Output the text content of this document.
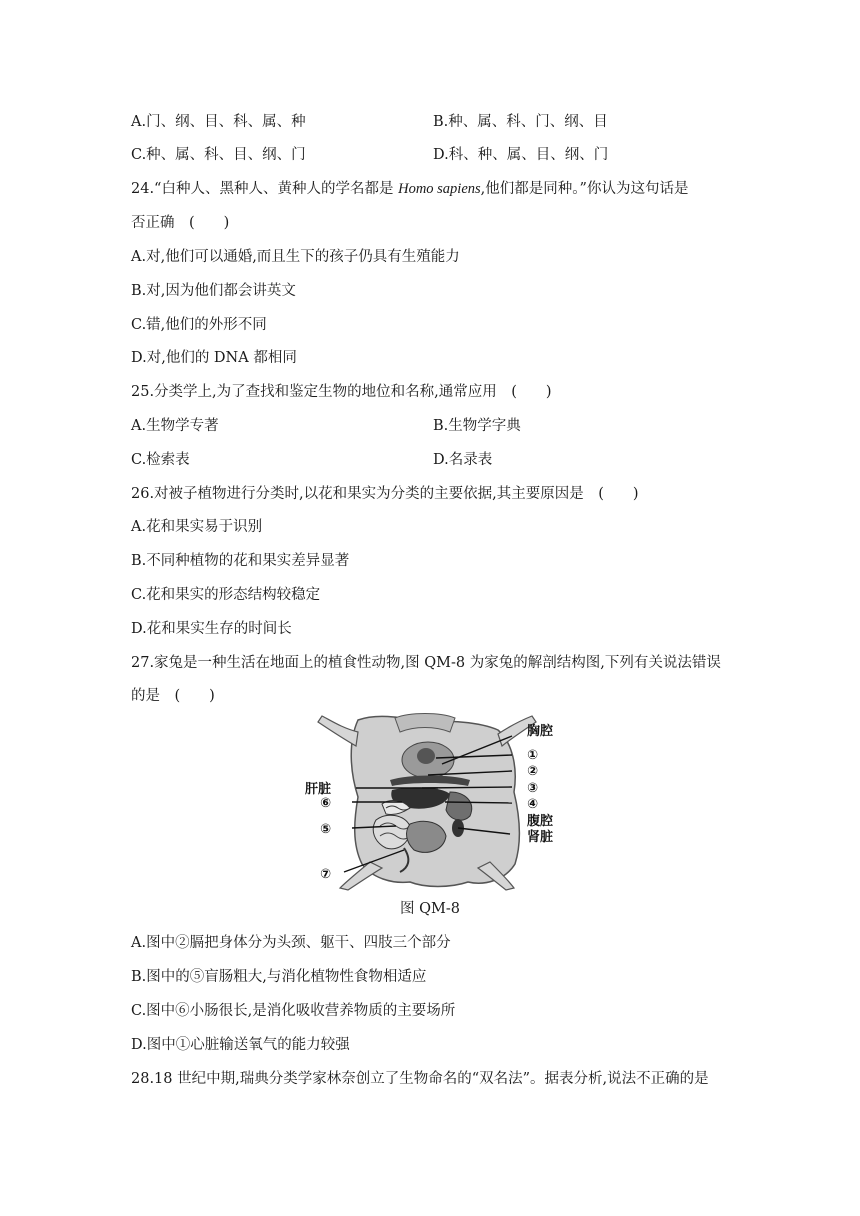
A.门、纲、目、科、属、种	B.种、属、科、门、纲、目
C.种、属、科、目、纲、门	D.科、种、属、目、纲、门
24.“白种人、黑种人、黄种人的学名都是 Homo sapiens,他们都是同种。”你认为这句话是
否正确　(　　)
A.对,他们可以通婚,而且生下的孩子仍具有生殖能力
B.对,因为他们都会讲英文
C.错,他们的外形不同
D.对,他们的 DNA 都相同
25.分类学上,为了查找和鉴定生物的地位和名称,通常应用　(　　)
A.生物学专著	B.生物学字典
C.检索表	D.名录表
26.对被子植物进行分类时,以花和果实为分类的主要依据,其主要原因是　(　　)
A.花和果实易于识别
B.不同种植物的花和果实差异显著
C.花和果实的形态结构较稳定
D.花和果实生存的时间长
27.家兔是一种生活在地面上的植食性动物,图 QM-8 为家兔的解剖结构图,下列有关说法错误
的是　(　　)
胸腔
①
②
③
④
腹腔
肾脏
肝脏
⑥
⑤
⑦
图 QM-8
A.图中②膈把身体分为头颈、躯干、四肢三个部分
B.图中的⑤盲肠粗大,与消化植物性食物相适应
C.图中⑥小肠很长,是消化吸收营养物质的主要场所
D.图中①心脏输送氧气的能力较强
28.18 世纪中期,瑞典分类学家林奈创立了生物命名的“双名法”。据表分析,说法不正确的是
